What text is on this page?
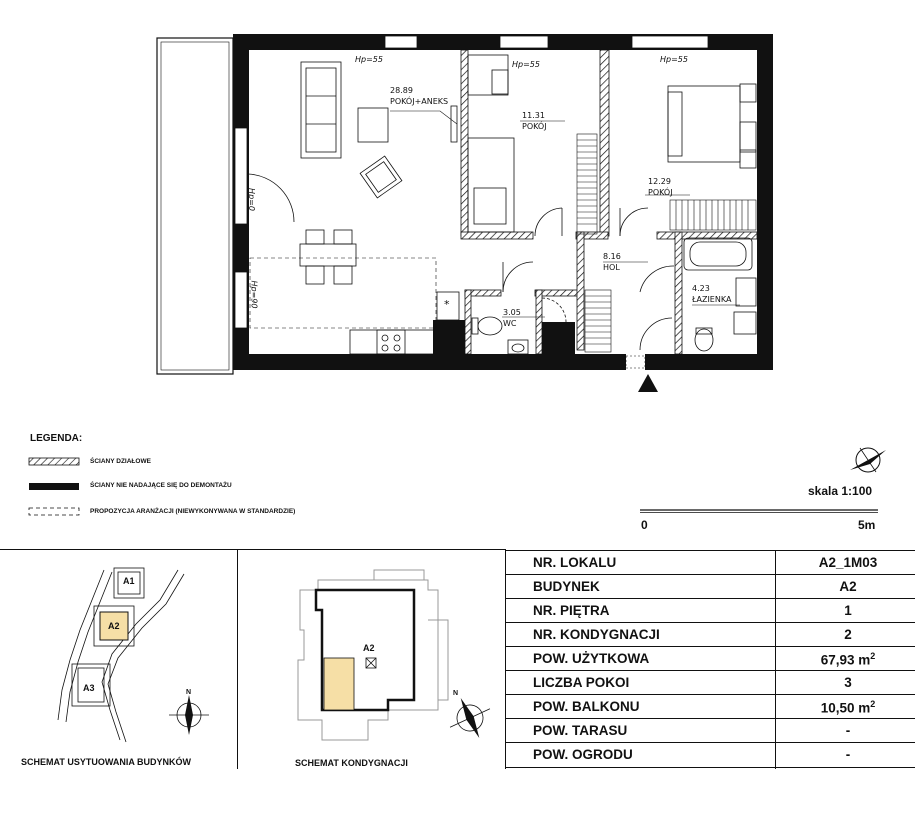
28.89
POKÓJ+ANEKS
11.31
POKÓJ
12.29
POKÓJ
8.16
HOL
3.05
WC
4.23
ŁAZIENKA
Hp=55
Hp=55
Hp=55
Hp=0
Hp=90	*
LEGENDA:
ŚCIANY DZIAŁOWE
ŚCIANY NIE NADAJĄCE SIĘ DO DEMONTAŻU
PROPOZYCJA ARANŻACJI (NIEWYKONYWANA W STANDARDZIE)
skala 1:100
0	5m
A1
A2
A3	N
SCHEMAT USYTUOWANIA BUDYNKÓW
A2
N
SCHEMAT KONDYGNACJI
NR. LOKALU	A2_1M03
BUDYNEK	A2
NR. PIĘTRA	1
NR. KONDYGNACJI	2
POW. UŻYTKOWA	67,93 $m^2$
LICZBA POKOI	3
POW. BALKONU	10,50 $m^2$
POW. TARASU	-
POW. OGRODU	-
